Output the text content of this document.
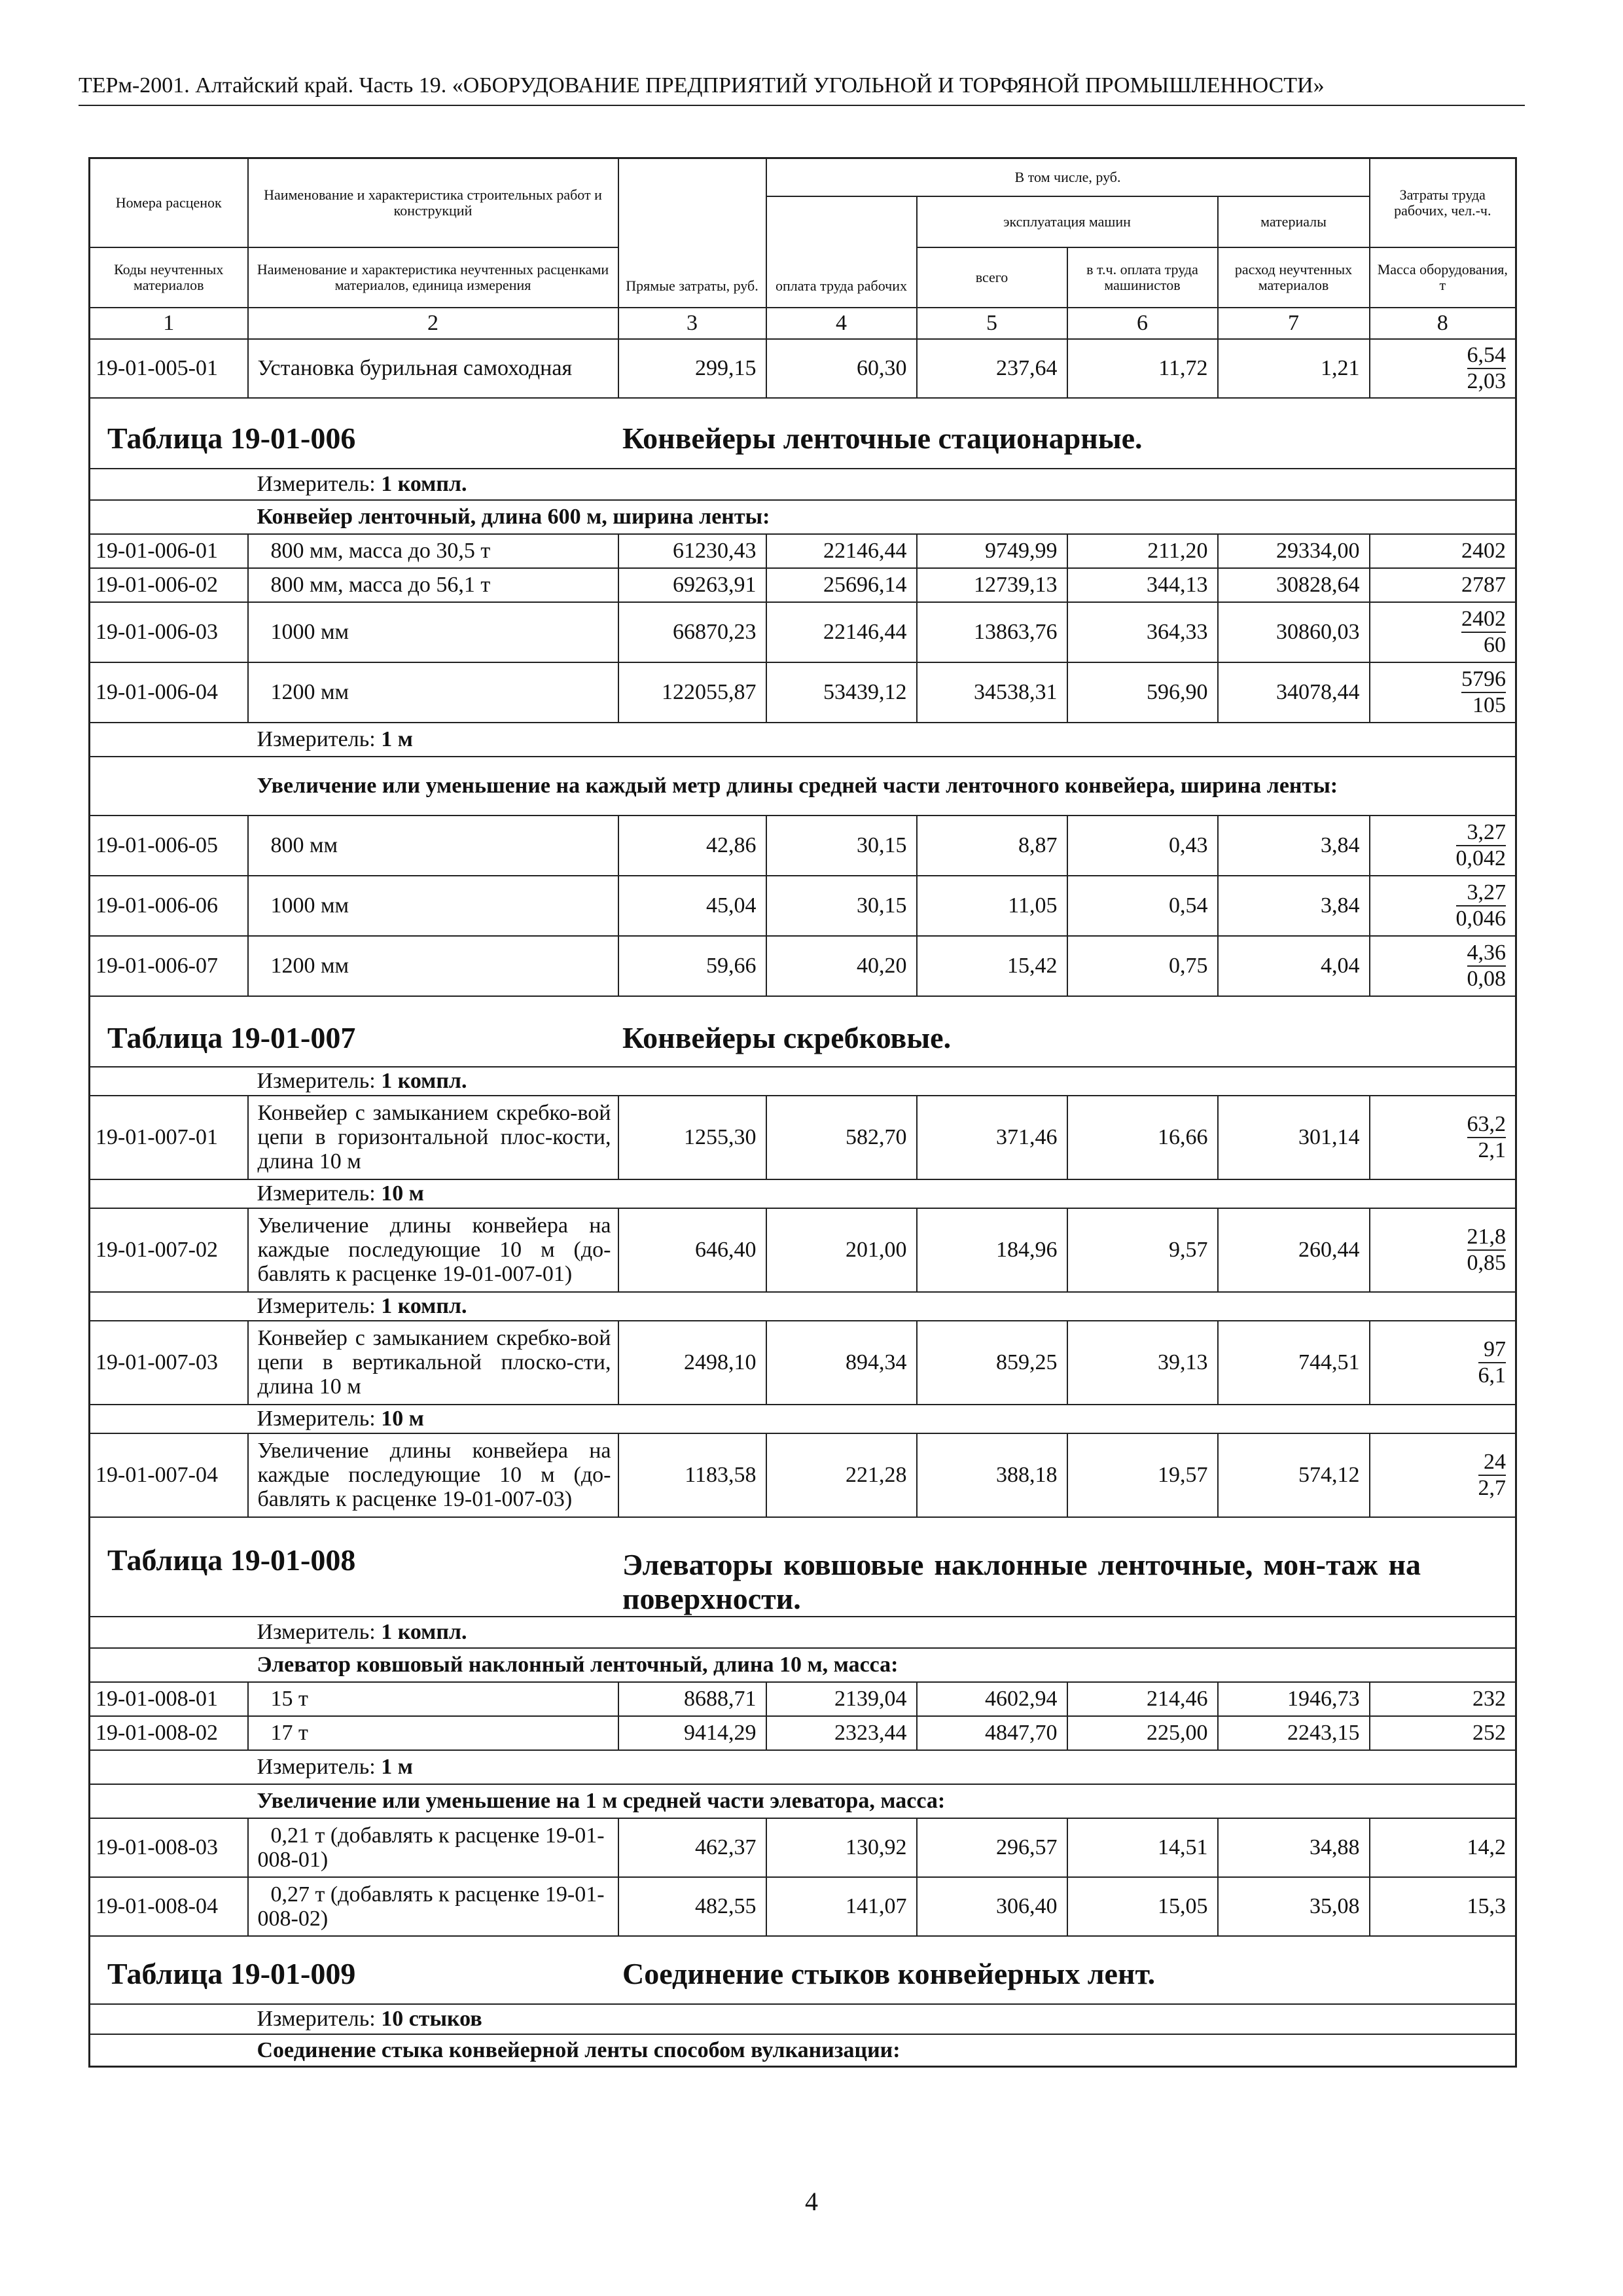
ТЕРм-2001. Алтайский край. Часть 19. «ОБОРУДОВАНИЕ ПРЕДПРИЯТИЙ УГОЛЬНОЙ И ТОРФЯНОЙ ПРОМЫШЛЕННОСТИ»
Номера расценок	Наименование и характеристика строительных работ и конструкций	Прямые затраты, руб.	В том числе, руб.				Затраты труда рабочих, чел.-ч.
			оплата труда рабочих	эксплуатация машин		материалы	
Коды неучтенных материалов	Наименование и характеристика неучтенных расценками материалов, единица измерения			всего	в т.ч. оплата труда машинистов	расход неучтенных материалов	Масса оборудования, т
1	2	3	4	5	6	7	8
19-01-005-01	Установка бурильная самоходная	299,15	60,30	237,64	11,72	1,21	$\frac{6,54}{2,03}$

Таблица 19-01-006 Конвейеры ленточные стационарные.							

	Измеритель: 1 компл.						
	Конвейер ленточный, длина 600 м, ширина ленты:						
19-01-006-01	800 мм, масса до 30,5 т	61230,43	22146,44	9749,99	211,20	29334,00	2402
19-01-006-02	800 мм, масса до 56,1 т	69263,91	25696,14	12739,13	344,13	30828,64	2787
19-01-006-03	1000 мм	66870,23	22146,44	13863,76	364,33	30860,03	$\frac{2402}{60}$

19-01-006-04	1200 мм	122055,87	53439,12	34538,31	596,90	34078,44	$\frac{5796}{105}$

	Измеритель: 1 м						
	Увеличение или уменьшение на каждый метр длины средней части ленточного конвейера, ширина ленты:						
19-01-006-05	800 мм	42,86	30,15	8,87	0,43	3,84	$\frac{3,27}{0,042}$

19-01-006-06	1000 мм	45,04	30,15	11,05	0,54	3,84	$\frac{3,27}{0,046}$

19-01-006-07	1200 мм	59,66	40,20	15,42	0,75	4,04	$\frac{4,36}{0,08}$

Таблица 19-01-007 Конвейеры скребковые.							

	Измеритель: 1 компл.						
19-01-007-01	Конвейер с замыканием скребко-вой цепи в горизонтальной плос-кости, длина 10 м	1255,30	582,70	371,46	16,66	301,14	$\frac{63,2}{2,1}$

	Измеритель: 10 м						
19-01-007-02	Увеличение длины конвейера на каждые последующие 10 м (до-бавлять к расценке 19-01-007-01)	646,40	201,00	184,96	9,57	260,44	$\frac{21,8}{0,85}$

	Измеритель: 1 компл.						
19-01-007-03	Конвейер с замыканием скребко-вой цепи в вертикальной плоско-сти, длина 10 м	2498,10	894,34	859,25	39,13	744,51	$\frac{97}{6,1}$

	Измеритель: 10 м						
19-01-007-04	Увеличение длины конвейера на каждые последующие 10 м (до-бавлять к расценке 19-01-007-03)	1183,58	221,28	388,18	19,57	574,12	$\frac{24}{2,7}$

Таблица 19-01-008 Элеваторы ковшовые наклонные ленточные, мон-таж на поверхности.							

	Измеритель: 1 компл.						
	Элеватор ковшовый наклонный ленточный, длина 10 м, масса:						
19-01-008-01	15 т	8688,71	2139,04	4602,94	214,46	1946,73	232
19-01-008-02	17 т	9414,29	2323,44	4847,70	225,00	2243,15	252
	Измеритель: 1 м						
	Увеличение или уменьшение на 1 м средней части элеватора, масса:						
19-01-008-03	0,21 т (добавлять к расценке 19-01-008-01)	462,37	130,92	296,57	14,51	34,88	14,2
19-01-008-04	0,27 т (добавлять к расценке 19-01-008-02)	482,55	141,07	306,40	15,05	35,08	15,3

Таблица 19-01-009 Соединение стыков конвейерных лент.							

	Измеритель: 10 стыков						
	Соединение стыка конвейерной ленты способом вулканизации:						
4
